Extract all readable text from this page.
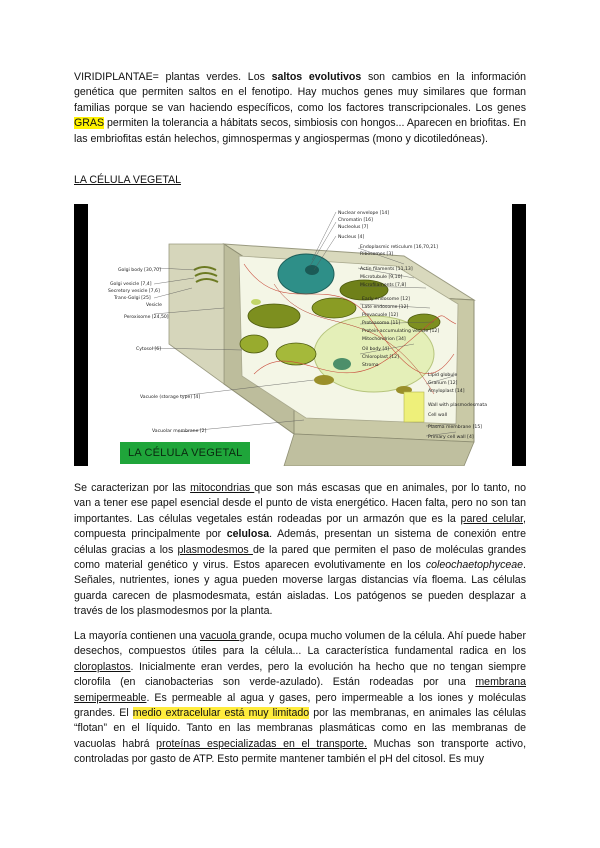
VIRIDIPLANTAE= plantas verdes. Los saltos evolutivos son cambios en la información genética que permiten saltos en el fenotipo. Hay muchos genes muy similares que forman familias porque se van haciendo específicos, como los factores transcripcionales. Los genes GRAS permiten la tolerancia a hábitats secos, simbiosis con hongos... Aparecen en briofitas. En las embriofitas están helechos, gimnospermas y angiospermas (mono y dicotiledóneas).

LA CÉLULA VEGETAL

Golgi body [30,70]
Golgi vesicle [7,4]
Secretory vesicle [7,6]
Trans-Golgi [25]
Vesicle
Peroxisome [24,50]
Cytosol [6]
Vacuole (storage type) [4]
Vacuolar membrane [2]
Nuclear envelope [14]
Chromatin [16]
Nucleolus [7]
Nucleus [4]
Endoplasmic reticulum [16,70,21]
Ribosomes [3]
Actin filaments [11,13]
Microtubule [9,10]
Microfilaments [7,8]
Early endosome [12]
Late endosome [12]
Prevacuole [12]
Proteasome [11]
Protein-accumulating vesicle [12]
Mitochondrion [34]
Oil body [4]
Chloroplast [12]
Stroma
Lipid globule
Granum [12]
Amyloplast [14]
Wall with plasmodesmata
Cell wall
Plasma membrane [15]
Primary cell wall [4]
LA CÉLULA VEGETAL

Se caracterizan por las mitocondrias que son más escasas que en animales, por lo tanto, no van a tener ese papel esencial desde el punto de vista energético. Hacen falta, pero no son tan importantes. Las células vegetales están rodeadas por un armazón que es la pared celular, compuesta principalmente por celulosa. Además, presentan un sistema de conexión entre células gracias a los plasmodesmos de la pared que permiten el paso de moléculas grandes como material genético y virus. Estos aparecen evolutivamente en los coleochaetophyceae. Señales, nutrientes, iones y agua pueden moverse largas distancias vía floema. Las células guarda carecen de plasmodesmata, están aisladas. Los patógenos se pueden desplazar a través de los plasmodesmos por la planta.

La mayoría contienen una vacuola grande, ocupa mucho volumen de la célula. Ahí puede haber desechos, compuestos útiles para la célula... La característica fundamental radica en los cloroplastos. Inicialmente eran verdes, pero la evolución ha hecho que no tengan siempre clorofila (en cianobacterias son verde-azulado). Están rodeadas por una membrana semipermeable. Es permeable al agua y gases, pero impermeable a los iones y moléculas grandes. El medio extracelular está muy limitado por las membranas, en animales las células “flotan” en el líquido. Tanto en las membranas plasmáticas como en las membranas de vacuolas habrá proteínas especializadas en el transporte. Muchas son transporte activo, controladas por gasto de ATP. Esto permite mantener también el pH del citosol. Es muy
